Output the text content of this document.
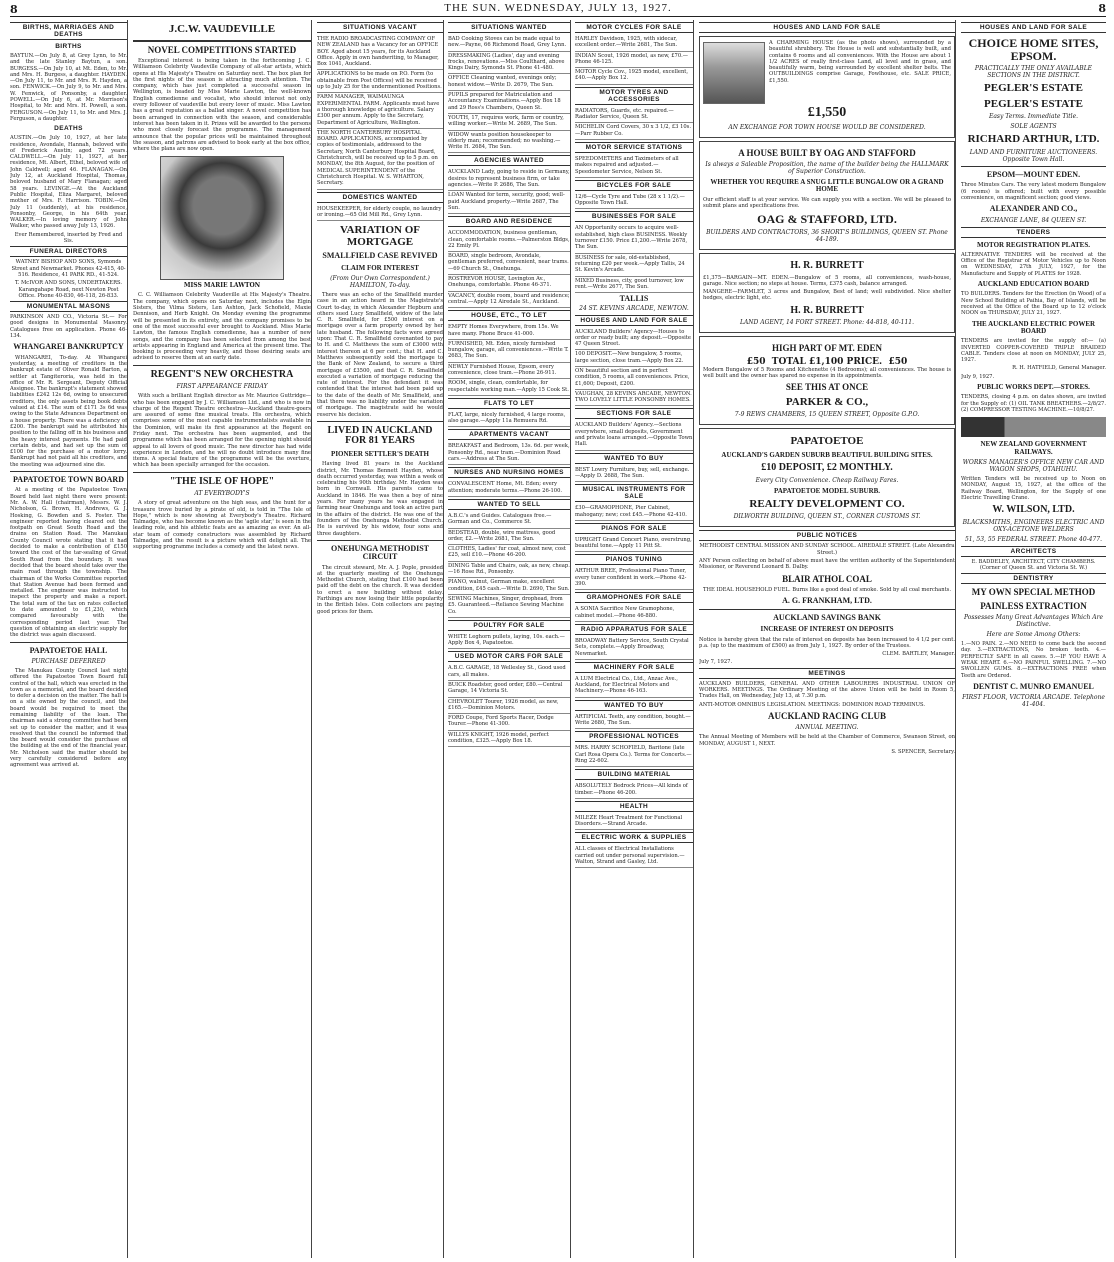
8	THE SUN. WEDNESDAY, JULY 13, 1927.	8
BIRTHS, MARRIAGES AND DEATHS
BIRTHS

BAYTUN.—On July 8, at Grey Lynn, to Mr. and the late Stanley Baytun, a son. BURGESS.—On July 10, at Mt. Eden, to Mr. and Mrs. H. Burgess, a daughter. HAYDEN.—On July 11, to Mr. and Mrs. R. Hayden, a son. FENWICK.—On July 9, to Mr. and Mrs. W. Fenwick, of Ponsonby, a daughter. POWELL.—On July 6, at Mr. Morrison's Hospital, to Mr. and Mrs. H. Powell, a son. FERGUSON.—On July 11, to Mr. and Mrs. J. Ferguson, a daughter.

DEATHS

AUSTIN.—On July 10, 1927, at her late residence, Avondale, Hannah, beloved wife of Frederick Austin; aged 72 years. CALDWELL.—On July 11, 1927, at her residence, Mt. Albert, Ethel, beloved wife of John Caldwell; aged 46. FLANAGAN.—On July 12, at Auckland Hospital, Thomas, beloved husband of Mary Flanagan; aged 58 years. LEVINGE.—At the Auckland Public Hospital, Eliza Margaret, beloved mother of Mrs. F. Harrison. TOBIN.—On July 11 (suddenly), at his residence, Ponsonby, George, in his 64th year. WALKER.—In loving memory of John Walker, who passed away July 13, 1926.

Ever Remembered, inserted by Fred and Sis.

FUNERAL DIRECTORS

WATNEY BISHOP AND SONS, Symonds Street and Newmarket. Phones 42-415, 40-516. Residence, 41 PARK RD., 41-524.

T. McIVOR AND SONS, UNDERTAKERS. Karangahape Road, next Newton Post Office. Phone 40-830, 46-118, 26-833.

MONUMENTAL MASONS

PARKINSON AND CO., Victoria St.— For good designs in Monumental Masonry. Catalogues free on application. Phone 46-134.

WHANGAREI BANKRUPTCY

WHANGAREI, To-day. At Whangarei yesterday, a meeting of creditors in the bankrupt estate of Oliver Ronald Barton, a settler at Tangiteroria, was held in the office of Mr. R. Sergeant, Deputy Official Assignee. The bankrupt's statement showed liabilities £242 12s 6d, owing to unsecured creditors, the only assets being book debts valued at £14. The sum of £171 3s 6d was owing to the State Advances Department on a house property. There was a deficiency of £200. The bankrupt said he attributed his position to the falling off in his business and the heavy interest payments. He had paid certain debts, and had set up the sum of £100 for the purchase of a motor lorry. Bankrupt had not paid all his creditors, and the meeting was adjourned sine die.

PAPATOETOE TOWN BOARD

At a meeting of the Papatoetoe Town Board held last night there were present: Mr. A. W. Hall (chairman), Messrs. W. J. Nicholson, G. Brown, H. Andrews, G. J. Hosking, G. Bowden and S. Foster. The engineer reported having cleared out the footpath on Great South Road and the drains on Station Road. The Manukau County Council wrote stating that it had decided to make a contribution of £150 toward the cost of the tar-sealing of Great South Road from the boundary. It was decided that the board should take over the main road through the township. The chairman of the Works Committee reported that Station Avenue had been formed and metalled. The engineer was instructed to inspect the property and make a report. The total sum of the tax on rates collected to date amounted to £1,230, which compared favourably with the corresponding period last year. The question of obtaining an electric supply for the district was again discussed.

PAPATOETOE HALL
PURCHASE DEFERRED

The Manukau County Council last night offered the Papatoetoe Town Board full control of the hall, which was erected in the town as a memorial, and the board decided to defer a decision on the matter. The hall is on a site owned by the council, and the board would be required to meet the remaining liability of the loan. The chairman said a strong committee had been set up to consider the matter, and it was resolved that the council be informed that the board would consider the purchase of the building at the end of the financial year. Mr. Nicholson said the matter should be very carefully considered before any agreement was arrived at.

J.C.W. VAUDEVILLE
NOVEL COMPETITIONS STARTED

Exceptional interest is being taken in the forthcoming J. C. Williamson Celebrity Vaudeville Company of all-star artists, which opens at His Majesty's Theatre on Saturday next. The box plan for the first nights of the season is attracting much attention. The company, which has just completed a successful season in Wellington, is headed by Miss Marie Lawton, the well-known English comedienne and vocalist, who should interest not only every follower of vaudeville but every lover of music. Miss Lawton has a great reputation as a ballad singer. A novel competition has been arranged in connection with the season, and considerable interest has been taken in it. Prizes will be awarded to the persons who most closely forecast the programme. The management announce that the popular prices will be maintained throughout the season, and patrons are advised to book early at the box office, where the plans are now open.

MISS MARIE LAWTON

C. C. Williamson Celebrity Vaudeville at His Majesty's Theatre. The company, which opens on Saturday next, includes the Elgin Sisters, the Vilma Sisters, Len Ashton, Jack Schofield, Maxie Dennison, and Herb Knight. On Monday evening the programme will be presented in its entirety, and the company promises to be one of the most successful ever brought to Auckland. Miss Marie Lawton, the famous English comedienne, has a number of new songs, and the company has been selected from among the best artists appearing in England and America at the present time. The booking is proceeding very heavily, and those desiring seats are advised to reserve them at an early date.

REGENT'S NEW ORCHESTRA
FIRST APPEARANCE FRIDAY

With such a brilliant English director as Mr. Maurice Guttridge—who has been engaged by J. C. Williamson Ltd., and who is now in charge of the Regent Theatre orchestra—Auckland theatre-goers are assured of some fine musical treats. His orchestra, which comprises some of the most capable instrumentalists available in the Dominion, will make its first appearance at the Regent on Friday next. The orchestra has been augmented, and the programme which has been arranged for the opening night should appeal to all lovers of good music. The new director has had wide experience in London, and he will no doubt introduce many fine items. A special feature of the programme will be the overture, which has been specially arranged for the occasion.

"THE ISLE OF HOPE"
AT EVERYBODY'S

A story of great adventure on the high seas, and the hunt for a treasure trove buried by a pirate of old, is told in "The Isle of Hope," which is now showing at Everybody's Theatre. Richard Talmadge, who has become known as the 'agile star,' is seen in the leading role, and his athletic feats are as amazing as ever. An all-star team of comedy constructors was assembled by Richard Talmadge, and the result is a picture which will delight all. The supporting programme includes a comedy and the latest news.

SITUATIONS VACANT

THE RADIO BROADCASTING COMPANY OF NEW ZEALAND has a Vacancy for an OFFICE BOY. Aged about 15 years, for its Auckland Office. Apply in own handwriting, to Manager, Box 1041, Auckland.

APPLICATIONS to be made on P.O. Form (to obtainable from Post Offices) will be received up to July 25 for the undermentioned Positions.

FARM MANAGER, WAIMAUNGA EXPERIMENTAL FARM. Applicants must have a thorough knowledge of agriculture. Salary £300 per annum. Apply to the Secretary, Department of Agriculture, Wellington.

THE NORTH CANTERBURY HOSPITAL BOARD. APPLICATIONS, accompanied by copies of testimonials, addressed to the Secretary, North Canterbury Hospital Board, Christchurch, will be received up to 5 p.m. on MONDAY, the 8th August, for the position of MEDICAL SUPERINTENDENT of the Christchurch Hospital. W. S. WHARTON, Secretary.

DOMESTICS WANTED

HOUSEKEEPER, for elderly couple, no laundry or ironing.—65 Old Mill Rd., Grey Lynn.

VARIATION OF MORTGAGE
SMALLFIELD CASE REVIVED
CLAIM FOR INTEREST
(From Our Own Correspondent.) HAMILTON, To-day.

There was an echo of the Smallfield murder case in an action heard in the Magistrate's Court to-day, in which Alexander Hepburn and others sued Lucy Smallfield, widow of the late C. R. Smallfield, for £500 interest on a mortgage over a farm property owned by her late husband. The following facts were agreed upon: That C. R. Smallfield covenanted to pay to H. and C. Matthews the sum of £3000 with interest thereon at 6 per cent.; that H. and C. Matthews subsequently sold the mortgage to the Bank of New Zealand, to secure a third mortgage of £3500, and that C. R. Smallfield executed a variation of mortgage reducing the rate of interest. For the defendant it was contended that the interest had been paid up to the date of the death of Mr. Smallfield, and that there was no liability under the variation of mortgage. The magistrate said he would reserve his decision.

LIVED IN AUCKLAND FOR 81 YEARS
PIONEER SETTLER'S DEATH

Having lived 81 years in the Auckland district, Mr. Thomas Bennett Hayden, whose death occurred yesterday, was within a week of celebrating his 90th birthday. Mr. Hayden was born in Cornwall. His parents came to Auckland in 1846. He was then a boy of nine years. For many years he was engaged in farming near Onehunga and took an active part in the affairs of the district. He was one of the founders of the Onehunga Methodist Church. He is survived by his widow, four sons and three daughters.

ONEHUNGA METHODIST CIRCUIT

The circuit steward, Mr. A. J. Pople, presided at the quarterly meeting of the Onehunga Methodist Church, stating that £100 had been paid off the debt on the church. It was decided to erect a new building without delay. Farthings are now losing their little popularity in the British Isles. Coin collectors are paying good prices for them.

SITUATIONS WANTED

BAD Cooking Stoves can be made equal to new.—Payne, 66 Richmond Road, Grey Lynn.

DRESSMAKING (Ladies', day and evening frocks, renovations.—Miss Coulthard, above Kings Dairy, Symonds St. Phone 41-480.

OFFICE Cleaning wanted, evenings only; honest widow.—Write D. 2679, The Sun.

PUPILS prepared for Matriculation and Accountancy Examinations.—Apply Box 18 and 29 Ross's Chambers, Queen St.

YOUTH, 17, requires work, farm or country, willing worker.—Write M. 2689, The Sun.

WIDOW wants position housekeeper to elderly man; recommended; no washing.—Write H. 2684, The Sun.

AGENCIES WANTED

AUCKLAND Lady, going to reside in Germany, desires to represent business firm, or take agencies.—Write P. 2686, The Sun.

LOAN Wanted for term, security, good; well-paid Auckland property.—Write 2687, The Sun.

BOARD AND RESIDENCE

ACCOMMODATION, business gentleman, clean, comfortable rooms.—Palmerston Bldgs, 22 Emily Pl.

BOARD, single bedroom, Avondale, gentleman preferred, convenient, near trams.—69 Church St., Onehunga.

ROSTREVOR HOUSE, Lovington Av., Onehunga, comfortable. Phone 46-371.

VACANCY, double room, board and residence; central.—Apply 12 Airedale St., Auckland.

HOUSE, ETC., TO LET

EMPTY Homes Everywhere, from 15s. We have many. Phone Bruce 41-000.

FURNISHED, Mt. Eden, nicely furnished bungalow, garage, all conveniences.—Write T. 2683, The Sun.

NEWLY Furnished House, Epsom, every convenience, close tram.—Phone 26-911.

ROOM, single, clean, comfortable, for respectable working man.—Apply 15 Cook St.

FLATS TO LET

FLAT, large, nicely furnished, 4 large rooms, also garage.—Apply 11a Remuera Rd.

APARTMENTS VACANT

BREAKFAST and Bedroom, 13s. 6d. per week, Ponsonby Rd., near tram.—Dominion Road cars.—Address at The Sun.

NURSES AND NURSING HOMES

CONVALESCENT Home, Mt. Eden; every attention; moderate terms.—Phone 26-100.

WANTED TO SELL

A.B.C.'s and Guides. Catalogues free.—Gorman and Co., Commerce St.

BEDSTEAD, double, wire mattress, good order, £2.—Write 2681, The Sun.

CLOTHES, Ladies' fur coat, almost new, cost £25, sell £10.—Phone 46-200.

DINING Table and Chairs, oak, as new, cheap.—16 Rose Rd., Ponsonby.

PIANO, walnut, German make, excellent condition, £45 cash.—Write D. 2690, The Sun.

SEWING Machines, Singer, drophead, from £5. Guaranteed.—Reliance Sewing Machine Co.

POULTRY FOR SALE

WHITE Leghorn pullets, laying, 10s. each.—Apply Box 4, Papatoetoe.

USED MOTOR CARS FOR SALE

A.B.C. GARAGE, 18 Wellesley St., Good used cars, all makes.

BUICK Roadster, good order, £80.—Central Garage, 14 Victoria St.

CHEVROLET Tourer, 1926 model, as new, £165.—Dominion Motors.

FORD Coupe, Ford Sports Racer, Dodge Tourer.—Phone 41-300.

WILLYS KNIGHT, 1926 model, perfect condition, £325.—Apply Box 18.

MOTOR CYCLES FOR SALE

HARLEY Davidson, 1925, with sidecar, excellent order.—Write 2681, The Sun.

INDIAN Scout, 1926 model, as new, £70.—Phone 46-125.

MOTOR Cycle Cov., 1925 model, excellent, £40.—Apply Box 12.

MOTOR TYRES AND ACCESSORIES

RADIATORS, Guards, etc. repaired.—Radiator Service, Queen St.

MICHELIN Cord Covers, 30 x 3 1/2, £3 10s.—Parr Rubber Co.

MOTOR SERVICE STATIONS

SPEEDOMETERS and Taximeters of all makes repaired and adjusted.—Speedometer Service, Nelson St.

BICYCLES FOR SALE

12/6—Cycle Tyre and Tube (28 x 1 1/2).—Opposite Town Hall.

BUSINESSES FOR SALE

AN Opportunity occurs to acquire well-established, high class BUSINESS. Weekly turnover £150. Price £1,200.—Write 2678, The Sun.

BUSINESS for sale, old-established, returning £20 per week.—Apply Tallis, 24 St. Kevin's Arcade.

MIXED Business, city, good turnover, low rent.—Write 2677, The Sun.

TALLIS
24 ST. KEVINS ARCADE, NEWTON.
HOUSES AND LAND FOR SALE

AUCKLAND Builders' Agency—Houses to order or ready built; any deposit.—Opposite 47 Queen Street.

100 DEPOSIT.—New bungalow, 5 rooms, large section, close tram.—Apply Box 22.

ON beautiful section and in perfect condition, 5 rooms, all conveniences. Price, £1,600; Deposit, £200.

VAUGHAN, 28 KEVINS ARCADE, NEWTON. TWO LOVELY LITTLE PONSONBY HOMES.

SECTIONS FOR SALE

AUCKLAND Builders' Agency.—Sections everywhere, small deposits, Government and private loans arranged.—Opposite Town Hall.

WANTED TO BUY

BEST Lowry Furniture, buy, sell, exchange.—Apply D. 2688, The Sun.

MUSICAL INSTRUMENTS FOR SALE

£30—GRAMOPHONE, Pier Cabinet, mahogany; new; cost £45.—Phone 42-410.

PIANOS FOR SALE

UPRIGHT Grand Concert Piano, overstrung, beautiful tone.—Apply 11 Pitt St.

PIANOS TUNING

ARTHUR BREE, Professional Piano Tuner, every tuner confident in work.—Phone 42-390.

GRAMOPHONES FOR SALE

A SONIA Sacrifice New Gramophone, cabinet model.—Phone 46-880.

RADIO APPARATUS FOR SALE

BROADWAY Battery Service, South Crystal Sets, complete.—Apply Broadway, Newmarket.

MACHINERY FOR SALE

A LUM Electrical Co., Ltd., Anzac Ave., Auckland, for Electrical Motors and Machinery.—Phone 46-163.

WANTED TO BUY

ARTIFICIAL Teeth, any condition, bought.—Write 2680, The Sun.

PROFESSIONAL NOTICES

MRS. HARRY SCHOFIELD, Baritone (late Carl Rosa Opera Co.). Terms for Concerts.—Ring 22-602.

BUILDING MATERIAL

ABSOLUTELY Bedrock Prices—All kinds of timber.—Phone 46-200.

HEALTH

MILEZE Heart Treatment for Functional Disorders.—Strand Arcade.

ELECTRIC WORK & SUPPLIES

ALL classes of Electrical Installations carried out under personal supervision.—Walton, Strand and Gasley, Ltd.

HOUSES AND LAND FOR SALE

A CHARMING HOUSE (as the photo shows), surrounded by a beautiful shrubbery. The House is well and substantially built, and contains 6 rooms and all conveniences. With the House are about 1 1/2 ACRES of really first-class Land, all level and in grass, and beautifully warm, being surrounded by excellent shelter belts. The OUTBUILDINGS comprise Garage, Fowlhouse, etc. SALE PRICE, £1,550.

£1,550
AN EXCHANGE FOR TOWN HOUSE WOULD BE CONSIDERED.
A HOUSE BUILT BY OAG AND STAFFORD
Is always a Saleable Proposition, the name of the builder being the HALLMARK of Superior Construction.
WHETHER YOU REQUIRE A SNUG LITTLE BUNGALOW OR A GRAND HOME

Our efficient staff is at your service. We can supply you with a section. We will be pleased to submit plans and specifications free.

OAG & STAFFORD, LTD.
BUILDERS AND CONTRACTORS, 36 SHORT'S BUILDINGS, QUEEN ST. Phone 44-189.
H. R. BURRETT

£1,375—BARGAIN—MT. EDEN.—Bungalow of 5 rooms, all conveniences, wash-house, garage. Nice section; no steps at house. Terms, £375 cash, balance arranged.

MANGERE—FARMLET, 3 acres and Bungalow, Best of land; well subdivided. Nice shelter hedges, electric light, etc.

H. R. BURRETT
LAND AGENT, 14 FORT STREET. Phone: 44-818, 40-111.
HIGH PART OF MT. EDEN
£50 TOTAL £1,100 PRICE. £50

Modern Bungalow of 5 Rooms and Kitchenette (4 Bedrooms); all conveniences. The house is well built and the owner has spared no expense in its appointments.

SEE THIS AT ONCE
PARKER & CO.,
7-9 REWS CHAMBERS, 15 QUEEN STREET, Opposite G.P.O.
PAPATOETOE
AUCKLAND'S GARDEN SUBURB BEAUTIFUL BUILDING SITES.
£10 DEPOSIT, £2 MONTHLY.
Every City Convenience. Cheap Railway Fares.
PAPATOETOE MODEL SUBURB.
REALTY DEVELOPMENT CO.
DILWORTH BUILDING, QUEEN ST., CORNER CUSTOMS ST.
PUBLIC NOTICES

METHODIST CENTRAL MISSION AND SUNDAY SCHOOL. AIREDALE STREET. (Late Alexandra Street.)

ANY Person collecting on behalf of above must have the written authority of the Superintendent Missioner, or Reverend Leonard B. Dalby.

BLAIR ATHOL COAL

THE IDEAL HOUSEHOLD FUEL. Burns like a good deal of smoke. Sold by all coal merchants.

A. G. FRANKHAM, LTD.
AUCKLAND SAVINGS BANK
INCREASE OF INTEREST ON DEPOSITS

Notice is hereby given that the rate of interest on deposits has been increased to 4 1/2 per cent. p.a. (up to the maximum of £500) as from July 1, 1927. By order of the Trustees.

CLEM. BARTLEY, Manager.

July 7, 1927.

MEETINGS

AUCKLAND BUILDERS, GENERAL AND OTHER LABOURERS INDUSTRIAL UNION OF WORKERS. MEETINGS. The Ordinary Meeting of the above Union will be held in Room 5, Trades Hall, on Wednesday, July 13, at 7.30 p.m.

ANTI-MOTOR OMNIBUS LEGISLATION. MEETINGS: DOMINION ROAD TERMINUS.

AUCKLAND RACING CLUB
ANNUAL MEETING.

The Annual Meeting of Members will be held at the Chamber of Commerce, Swanson Street, on MONDAY, AUGUST 1, NEXT.

S. SPENCER, Secretary.

HOUSES AND LAND FOR SALE
CHOICE HOME SITES, EPSOM.
PRACTICALLY THE ONLY AVAILABLE SECTIONS IN THE DISTRICT.
PEGLER'S ESTATE
PEGLER'S ESTATE
Easy Terms. Immediate Title.
SOLE AGENTS
RICHARD ARTHUR, LTD.
LAND AND FURNITURE AUCTIONEERS. Opposite Town Hall.
EPSOM—MOUNT EDEN.

Three Minutes Cars. The very latest modern Bungalow (6 rooms) is offered; built with every possible convenience, on magnificent section; good views.

ALEXANDER AND CO.,
EXCHANGE LANE, 84 QUEEN ST.
TENDERS
MOTOR REGISTRATION PLATES.

ALTERNATIVE TENDERS will be received at the Office of the Registrar of Motor Vehicles up to Noon on WEDNESDAY, 27th JULY, 1927, for the Manufacture and Supply of PLATES for 1928.

AUCKLAND EDUCATION BOARD

TO BUILDERS. Tenders for the Erection (in Wood) of a New School Building at Paihia, Bay of Islands, will be received at the Office of the Board up to 12 o'clock NOON on THURSDAY, JULY 21, 1927.

THE AUCKLAND ELECTRIC POWER BOARD

TENDERS are invited for the supply of:— (a) INVERTED COPPER-COVERED TRIPLE BRAIDED CABLE. Tenders close at noon on MONDAY, JULY 25, 1927.

R. H. HATFIELD, General Manager.

July 9, 1927.

PUBLIC WORKS DEPT.—STORES.

TENDERS, closing 4 p.m. on dates shown, are invited for the Supply of: (1) OIL TANK BREATHERS.—2/8/27. (2) COMPRESSOR TESTING MACHINE.—10/8/27.

NEW ZEALAND GOVERNMENT RAILWAYS.
WORKS MANAGER'S OFFICE NEW CAR AND WAGON SHOPS, OTAHUHU.

Written Tenders will be received up to Noon on MONDAY, August 15, 1927, at the office of the Railway Board, Wellington, for the Supply of one Electric Travelling Crane.

W. WILSON, LTD.
BLACKSMITHS, ENGINEERS ELECTRIC AND OXY-ACETONE WELDERS
51, 53, 55 FEDERAL STREET. Phone 40-477.
ARCHITECTS

E. BADDELEY, ARCHITECT, CITY CHAMBERS. (Corner of Queen St. and Victoria St. W.)

DENTISTRY
MY OWN SPECIAL METHOD
PAINLESS EXTRACTION
Possesses Many Great Advantages Which Are Distinctive.
Here are Some Among Others:

1.—NO PAIN. 2.—NO NEED to come back the second day. 3.—EXTRACTIONS, No broken teeth. 4.—PERFECTLY SAFE in all cases. 5.—IF YOU HAVE A WEAK HEART. 6.—NO PAINFUL SWELLING. 7.—NO SWOLLEN GUMS. 8.—EXTRACTIONS FREE when Teeth are Ordered.

DENTIST C. MUNRO EMANUEL
FIRST FLOOR, VICTORIA ARCADE. Telephone 41-404.
